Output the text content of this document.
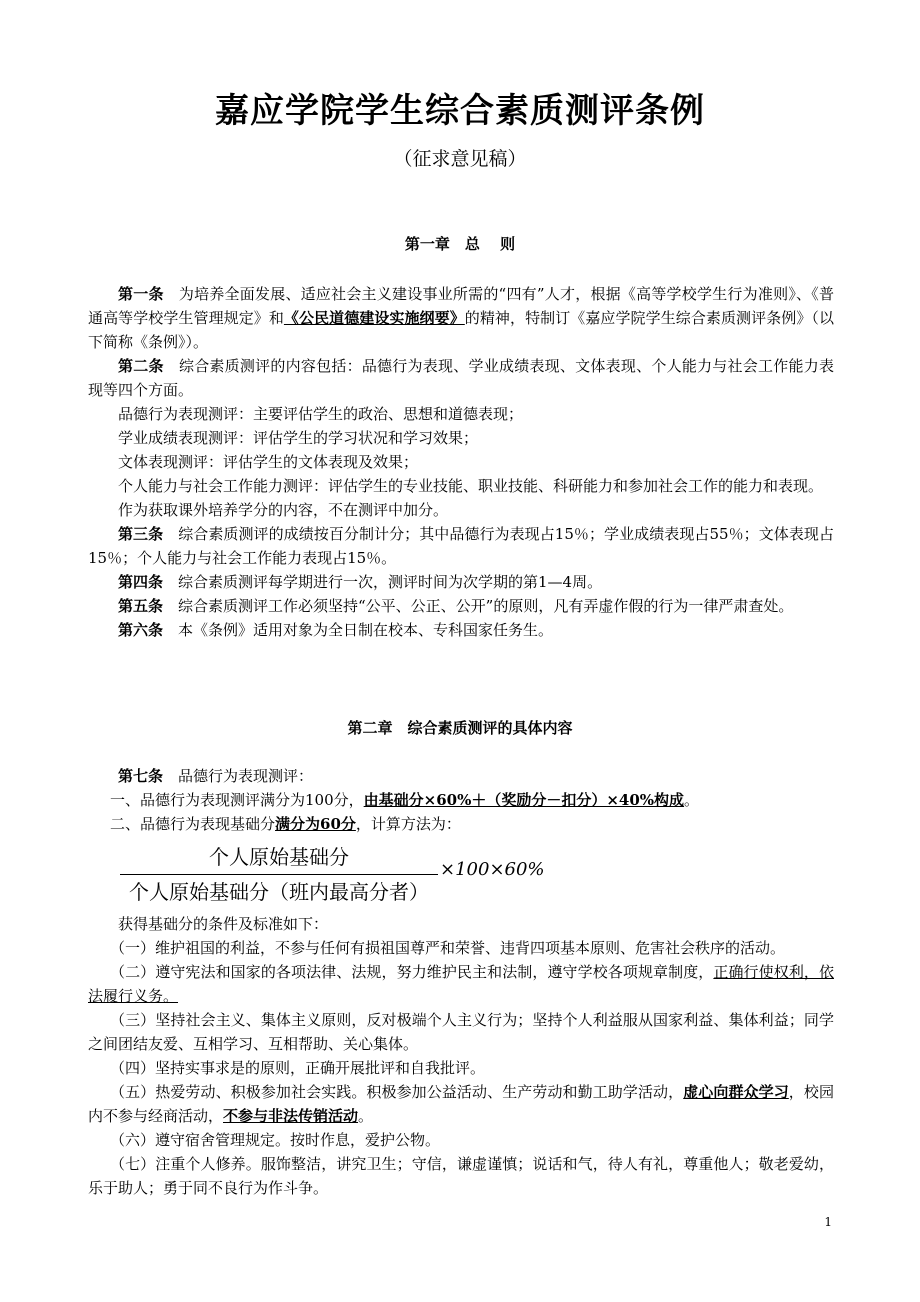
嘉应学院学生综合素质测评条例
（征求意见稿）
第一章　总　 则

第一条　为培养全面发展、适应社会主义建设事业所需的“四有”人才，根据《高等学校学生行为准则》、《普通高等学校学生管理规定》和《公民道德建设实施纲要》的精神，特制订《嘉应学院学生综合素质测评条例》（以下简称《条例》）。

第二条　综合素质测评的内容包括：品德行为表现、学业成绩表现、文体表现、个人能力与社会工作能力表现等四个方面。

品德行为表现测评：主要评估学生的政治、思想和道德表现；

学业成绩表现测评：评估学生的学习状况和学习效果；

文体表现测评：评估学生的文体表现及效果；

个人能力与社会工作能力测评：评估学生的专业技能、职业技能、科研能力和参加社会工作的能力和表现。

作为获取课外培养学分的内容，不在测评中加分。

第三条　综合素质测评的成绩按百分制计分；其中品德行为表现占15％；学业成绩表现占55％；文体表现占15％；个人能力与社会工作能力表现占15％。

第四条　综合素质测评每学期进行一次，测评时间为次学期的第1—4周。

第五条　综合素质测评工作必须坚持“公平、公正、公开”的原则，凡有弄虚作假的行为一律严肃查处。

第六条　本《条例》适用对象为全日制在校本、专科国家任务生。

第二章　综合素质测评的具体内容

第七条　品德行为表现测评：

一、品德行为表现测评满分为100分，由基础分×60%＋（奖励分－扣分）×40%构成。

二、品德行为表现基础分满分为60分，计算方法为：

个人原始基础分
个人原始基础分（班内最高分者）
×100×60%

获得基础分的条件及标准如下：

（一）维护祖国的利益，不参与任何有损祖国尊严和荣誉、违背四项基本原则、危害社会秩序的活动。

（二）遵守宪法和国家的各项法律、法规，努力维护民主和法制，遵守学校各项规章制度，正确行使权利，依法履行义务。

（三）坚持社会主义、集体主义原则，反对极端个人主义行为；坚持个人利益服从国家利益、集体利益；同学之间团结友爱、互相学习、互相帮助、关心集体。

（四）坚持实事求是的原则，正确开展批评和自我批评。

（五）热爱劳动、积极参加社会实践。积极参加公益活动、生产劳动和勤工助学活动，虚心向群众学习，校园内不参与经商活动，不参与非法传销活动。

（六）遵守宿舍管理规定。按时作息，爱护公物。

（七）注重个人修养。服饰整洁，讲究卫生；守信，谦虚谨慎；说话和气，待人有礼，尊重他人；敬老爱幼，乐于助人；勇于同不良行为作斗争。

1
